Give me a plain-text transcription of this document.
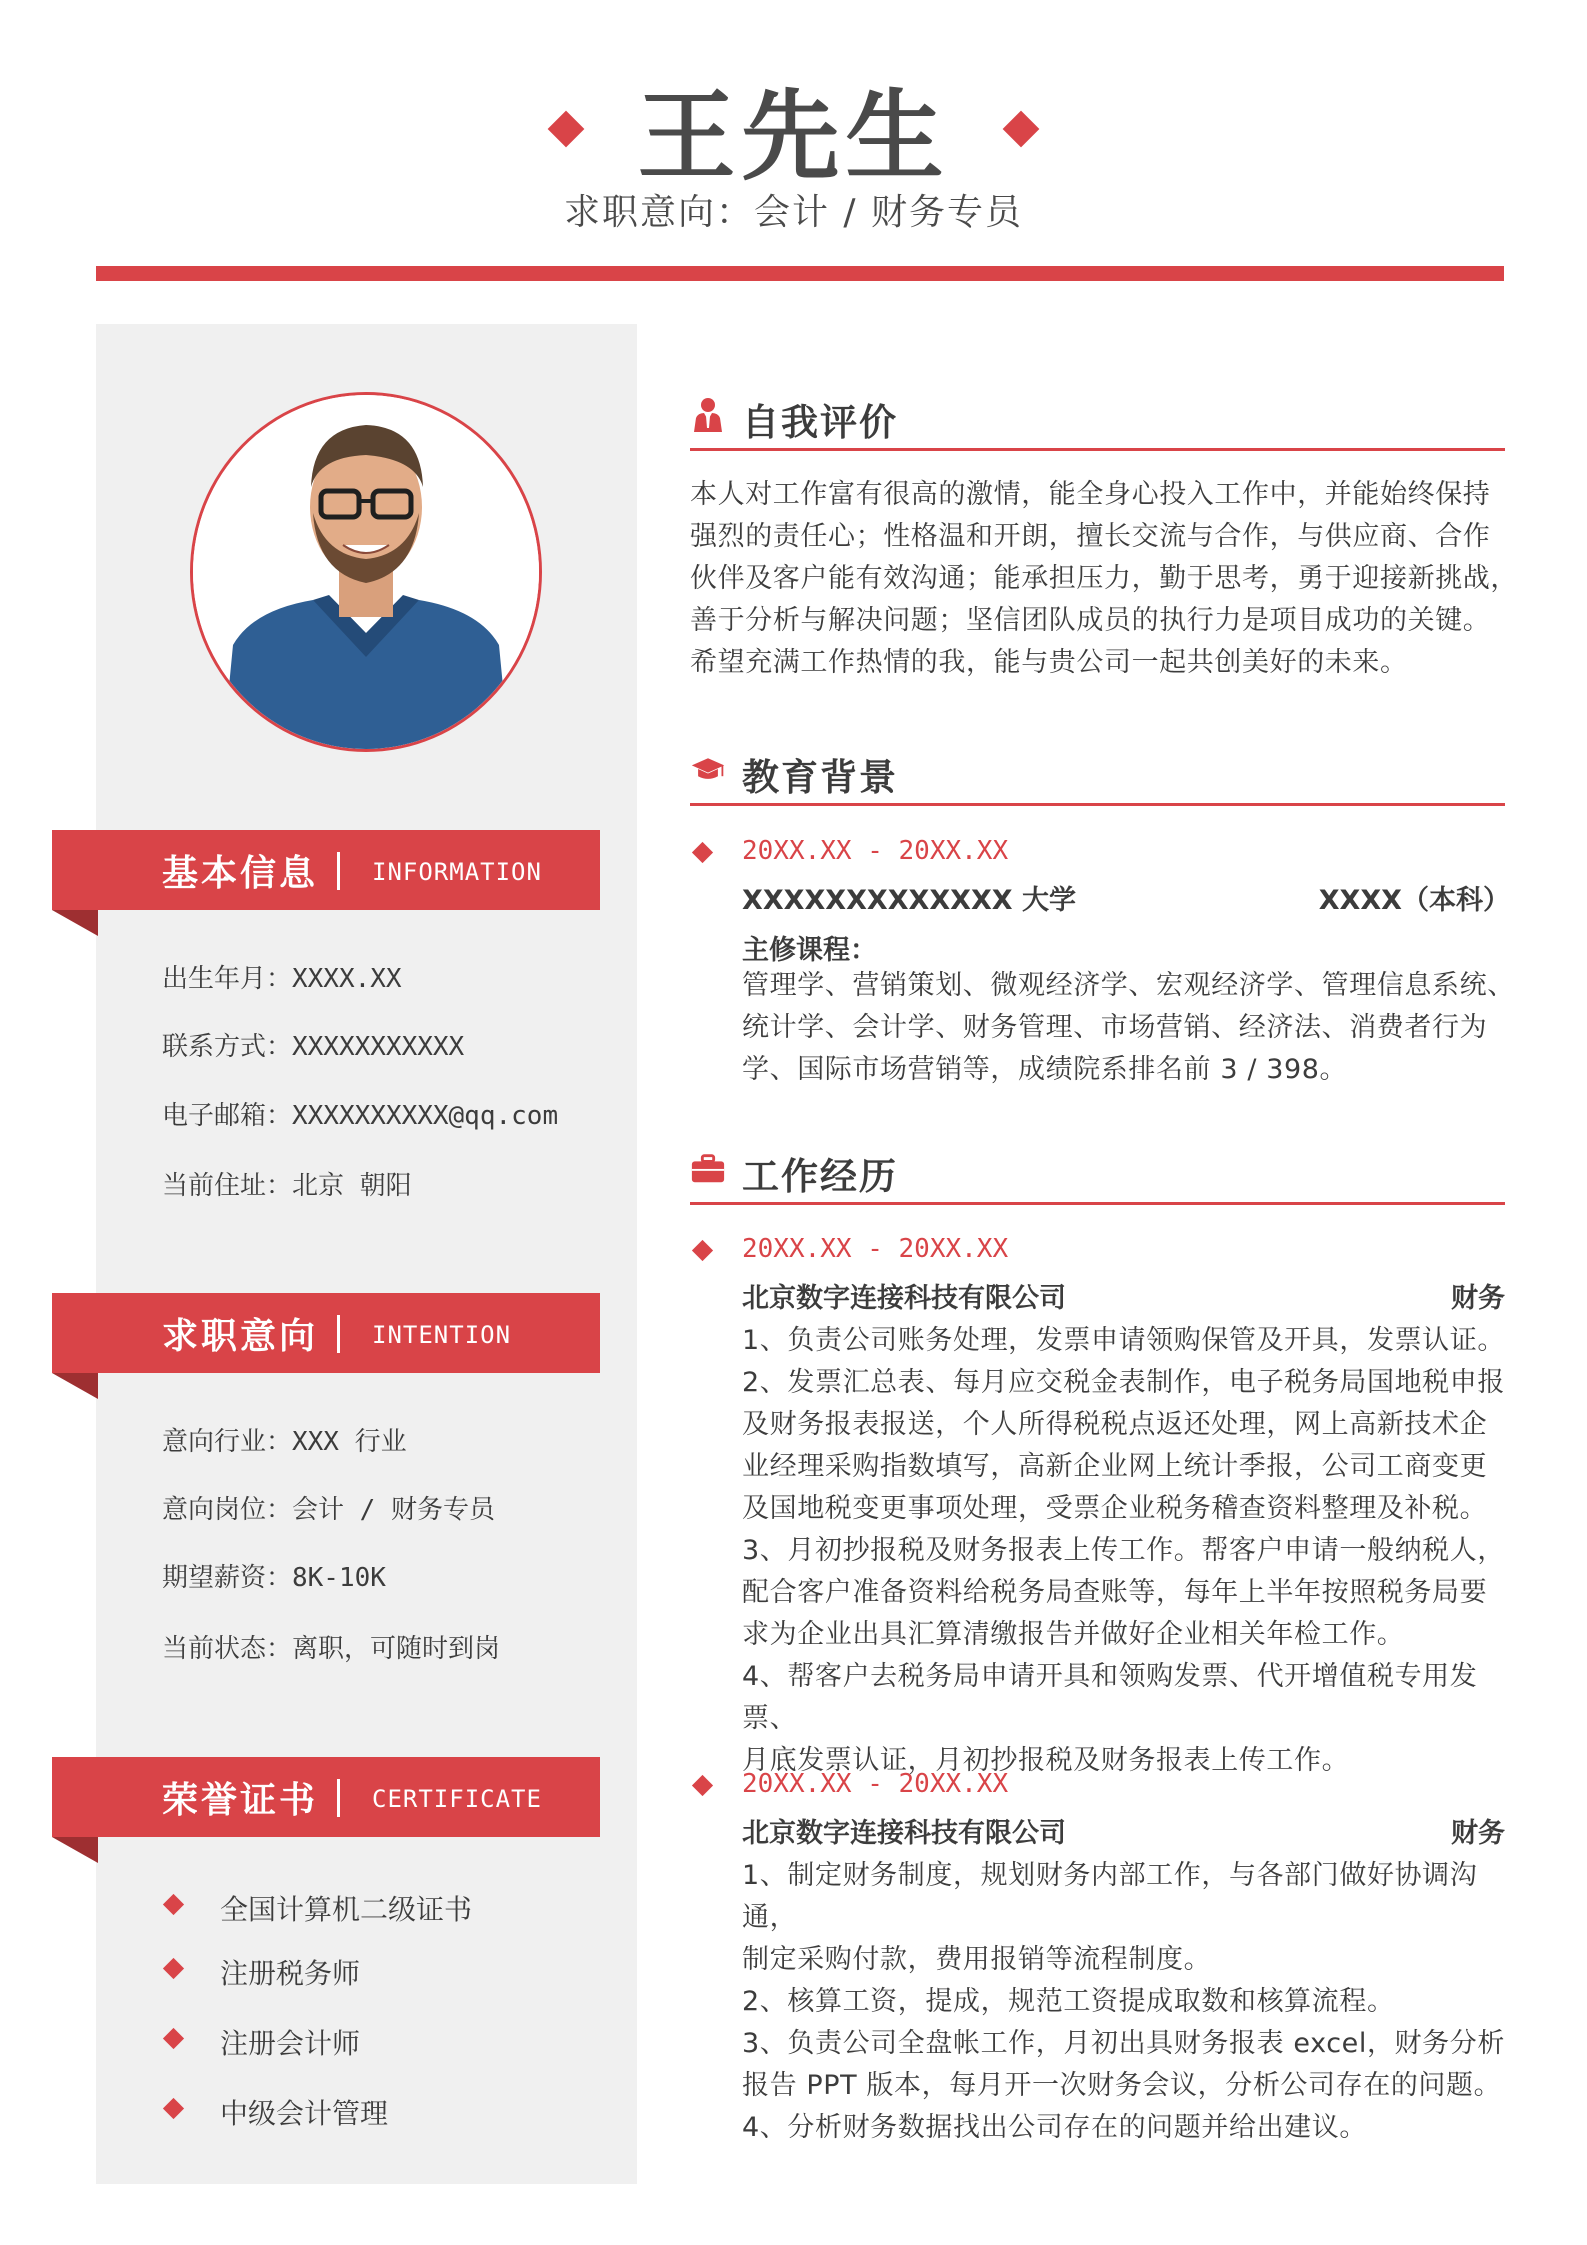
王先生
求职意向：会计 / 财务专员
基本信息 INFORMATION
出生年月：XXXX.XX
联系方式：XXXXXXXXXXX
电子邮箱：XXXXXXXXXX@qq.com
当前住址：北京 朝阳
求职意向 INTENTION
意向行业：XXX 行业
意向岗位：会计 / 财务专员
期望薪资：8K-10K
当前状态：离职，可随时到岗
荣誉证书 CERTIFICATE
全国计算机二级证书
注册税务师
注册会计师
中级会计管理
自我评价
本人对工作富有很高的激情，能全身心投入工作中，并能始终保持
强烈的责任心；性格温和开朗，擅长交流与合作，与供应商、合作
伙伴及客户能有效沟通；能承担压力，勤于思考，勇于迎接新挑战，
善于分析与解决问题；坚信团队成员的执行力是项目成功的关键。
希望充满工作热情的我，能与贵公司一起共创美好的未来。
教育背景
20XX.XX - 20XX.XX
XXXXXXXXXXXXX 大学	XXXX（本科）
主修课程：
管理学、营销策划、微观经济学、宏观经济学、管理信息系统、
统计学、会计学、财务管理、市场营销、经济法、消费者行为
学、国际市场营销等，成绩院系排名前 3 / 398。
工作经历
20XX.XX - 20XX.XX
北京数字连接科技有限公司	财务
1、负责公司账务处理，发票申请领购保管及开具，发票认证。
2、发票汇总表、每月应交税金表制作，电子税务局国地税申报
及财务报表报送，个人所得税税点返还处理，网上高新技术企
业经理采购指数填写，高新企业网上统计季报，公司工商变更
及国地税变更事项处理，受票企业税务稽查资料整理及补税。
3、月初抄报税及财务报表上传工作。帮客户申请一般纳税人，
配合客户准备资料给税务局查账等，每年上半年按照税务局要
求为企业出具汇算清缴报告并做好企业相关年检工作。
4、帮客户去税务局申请开具和领购发票、代开增值税专用发票、
月底发票认证，月初抄报税及财务报表上传工作。
20XX.XX - 20XX.XX
北京数字连接科技有限公司	财务
1、制定财务制度，规划财务内部工作，与各部门做好协调沟通，
制定采购付款，费用报销等流程制度。
2、核算工资，提成，规范工资提成取数和核算流程。
3、负责公司全盘帐工作，月初出具财务报表 excel，财务分析
报告 PPT 版本，每月开一次财务会议，分析公司存在的问题。
4、分析财务数据找出公司存在的问题并给出建议。
